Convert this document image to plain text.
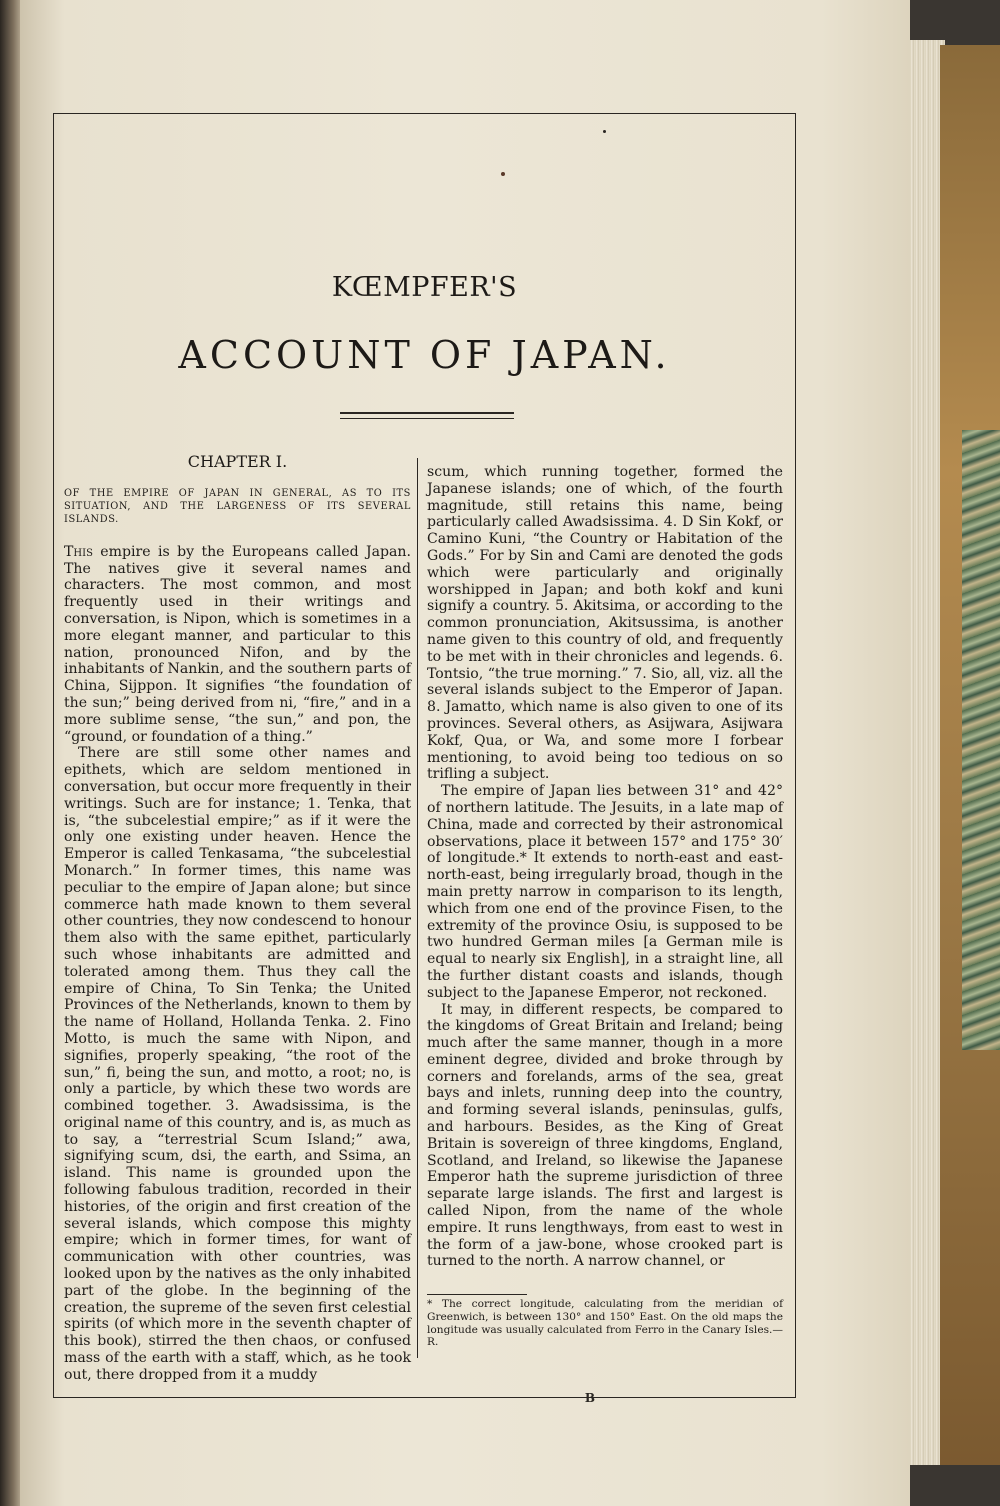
KŒMPFER'S
ACCOUNT OF JAPAN.
CHAPTER I.
OF THE EMPIRE OF JAPAN IN GENERAL, AS TO ITS SITUATION, AND THE LARGENESS OF ITS SEVERAL ISLANDS.

This empire is by the Europeans called Japan. The natives give it several names and characters. The most common, and most frequently used in their writings and conversation, is Nipon, which is sometimes in a more elegant manner, and particular to this nation, pronounced Nifon, and by the inhabitants of Nankin, and the southern parts of China, Sijppon. It signifies “the foundation of the sun;” being derived from ni, “fire,” and in a more sublime sense, “the sun,” and pon, the “ground, or foundation of a thing.”

There are still some other names and epithets, which are seldom mentioned in conversation, but occur more frequently in their writings. Such are for instance; 1. Tenka, that is, “the subcelestial empire;” as if it were the only one existing under heaven. Hence the Emperor is called Tenkasama, “the subcelestial Monarch.” In former times, this name was peculiar to the empire of Japan alone; but since commerce hath made known to them several other countries, they now condescend to honour them also with the same epithet, particularly such whose inhabitants are admitted and tolerated among them. Thus they call the empire of China, To Sin Tenka; the United Provinces of the Netherlands, known to them by the name of Holland, Hollanda Tenka. 2. Fino Motto, is much the same with Nipon, and signifies, properly speaking, “the root of the sun,” fi, being the sun, and motto, a root; no, is only a particle, by which these two words are combined together. 3. Awadsissima, is the original name of this country, and is, as much as to say, a “terrestrial Scum Island;” awa, signifying scum, dsi, the earth, and Ssima, an island. This name is grounded upon the following fabulous tradition, recorded in their histories, of the origin and first creation of the several islands, which compose this mighty empire; which in former times, for want of communication with other countries, was looked upon by the natives as the only inhabited part of the globe. In the beginning of the creation, the supreme of the seven first celestial spirits (of which more in the seventh chapter of this book), stirred the then chaos, or confused mass of the earth with a staff, which, as he took out, there dropped from it a muddy

scum, which running together, formed the Japanese islands; one of which, of the fourth magnitude, still retains this name, being particularly called Awadsissima. 4. D Sin Kokf, or Camino Kuni, “the Country or Habitation of the Gods.” For by Sin and Cami are denoted the gods which were particularly and originally worshipped in Japan; and both kokf and kuni signify a country. 5. Akitsima, or according to the common pronunciation, Akitsussima, is another name given to this country of old, and frequently to be met with in their chronicles and legends. 6. Tontsio, “the true morning.” 7. Sio, all, viz. all the several islands subject to the Emperor of Japan. 8. Jamatto, which name is also given to one of its provinces. Several others, as Asijwara, Asijwara Kokf, Qua, or Wa, and some more I forbear mentioning, to avoid being too tedious on so trifling a subject.

The empire of Japan lies between 31° and 42° of northern latitude. The Jesuits, in a late map of China, made and corrected by their astronomical observations, place it between 157° and 175° 30′ of longitude.* It extends to north-east and east-north-east, being irregularly broad, though in the main pretty narrow in comparison to its length, which from one end of the province Fisen, to the extremity of the province Osiu, is supposed to be two hundred German miles [a German mile is equal to nearly six English], in a straight line, all the further distant coasts and islands, though subject to the Japanese Emperor, not reckoned.

It may, in different respects, be compared to the kingdoms of Great Britain and Ireland; being much after the same manner, though in a more eminent degree, divided and broke through by corners and forelands, arms of the sea, great bays and inlets, running deep into the country, and forming several islands, peninsulas, gulfs, and harbours. Besides, as the King of Great Britain is sovereign of three kingdoms, England, Scotland, and Ireland, so likewise the Japanese Emperor hath the supreme jurisdiction of three separate large islands. The first and largest is called Nipon, from the name of the whole empire. It runs lengthways, from east to west in the form of a jaw-bone, whose crooked part is turned to the north. A narrow channel, or

* The correct longitude, calculating from the meridian of Greenwich, is between 130° and 150° East. On the old maps the longitude was usually calculated from Ferro in the Canary Isles.—R.
B
